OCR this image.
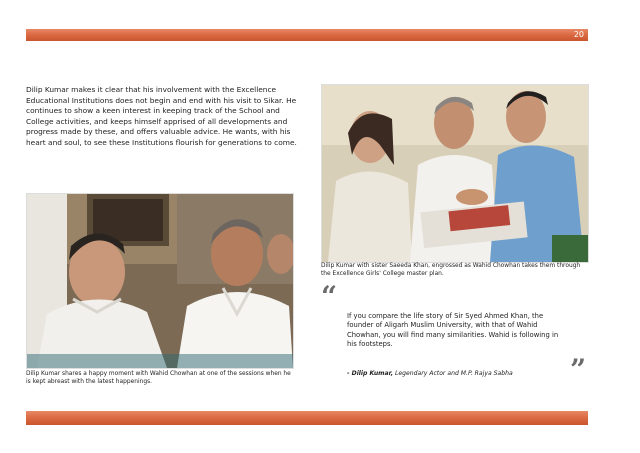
20

Dilip Kumar makes it clear that his involvement with the Excellence Educational Institutions does not begin and end with his visit to Sikar. He continues to show a keen interest in keeping track of the School and College activities, and keeps himself apprised of all developments and progress made by these, and offers valuable advice. He wants, with his heart and soul, to see these Institutions flourish for generations to come.

Dilip Kumar shares a happy moment with Wahid Chowhan at one of the sessions when he is kept abreast with the latest happenings.

Dilip Kumar with sister Saeeda Khan, engrossed as Wahid Chowhan takes them through the Excellence Girls' College master plan.

“

If you compare the life story of Sir Syed Ahmed Khan, the founder of Aligarh Muslim University, with that of Wahid Chowhan, you will find many similarities. Wahid is following in his footsteps.

”

- Dilip Kumar, Legendary Actor and M.P. Rajya Sabha
